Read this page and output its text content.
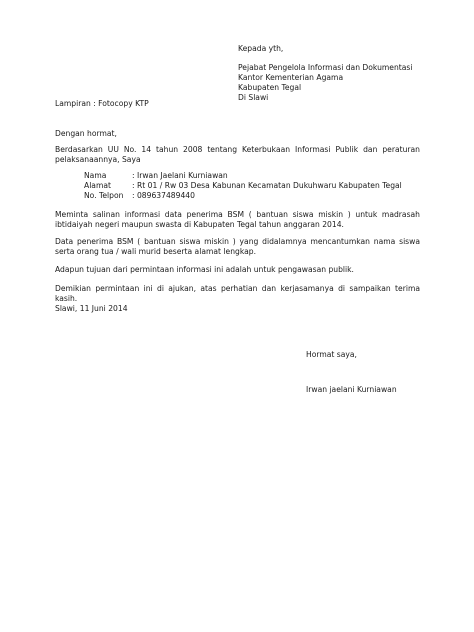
Kepada yth,

Pejabat Pengelola Informasi dan Dokumentasi

Kantor Kementerian Agama

Kabupaten Tegal

Di Slawi

Lampiran : Fotocopy KTP
Dengan hormat,

Berdasarkan UU No. 14 tahun 2008 tentang Keterbukaan Informasi Publik dan peraturan pelaksanaannya, Saya

Nama	: Irwan Jaelani Kurniawan
Alamat	: Rt 01 / Rw 03 Desa Kabunan Kecamatan Dukuhwaru Kabupaten Tegal
No. Telpon	: 089637489440

Meminta salinan informasi data penerima BSM ( bantuan siswa miskin ) untuk madrasah ibtidaiyah negeri maupun swasta di Kabupaten Tegal tahun anggaran 2014.

Data penerima BSM ( bantuan siswa miskin ) yang didalamnya mencantumkan nama siswa serta orang tua / wali murid beserta alamat lengkap.

Adapun tujuan dari permintaan informasi ini adalah untuk pengawasan publik.

Demikian permintaan ini di ajukan, atas perhatian dan kerjasamanya di sampaikan terima kasih.

Slawi, 11 Juni 2014
Hormat saya,
Irwan jaelani Kurniawan
